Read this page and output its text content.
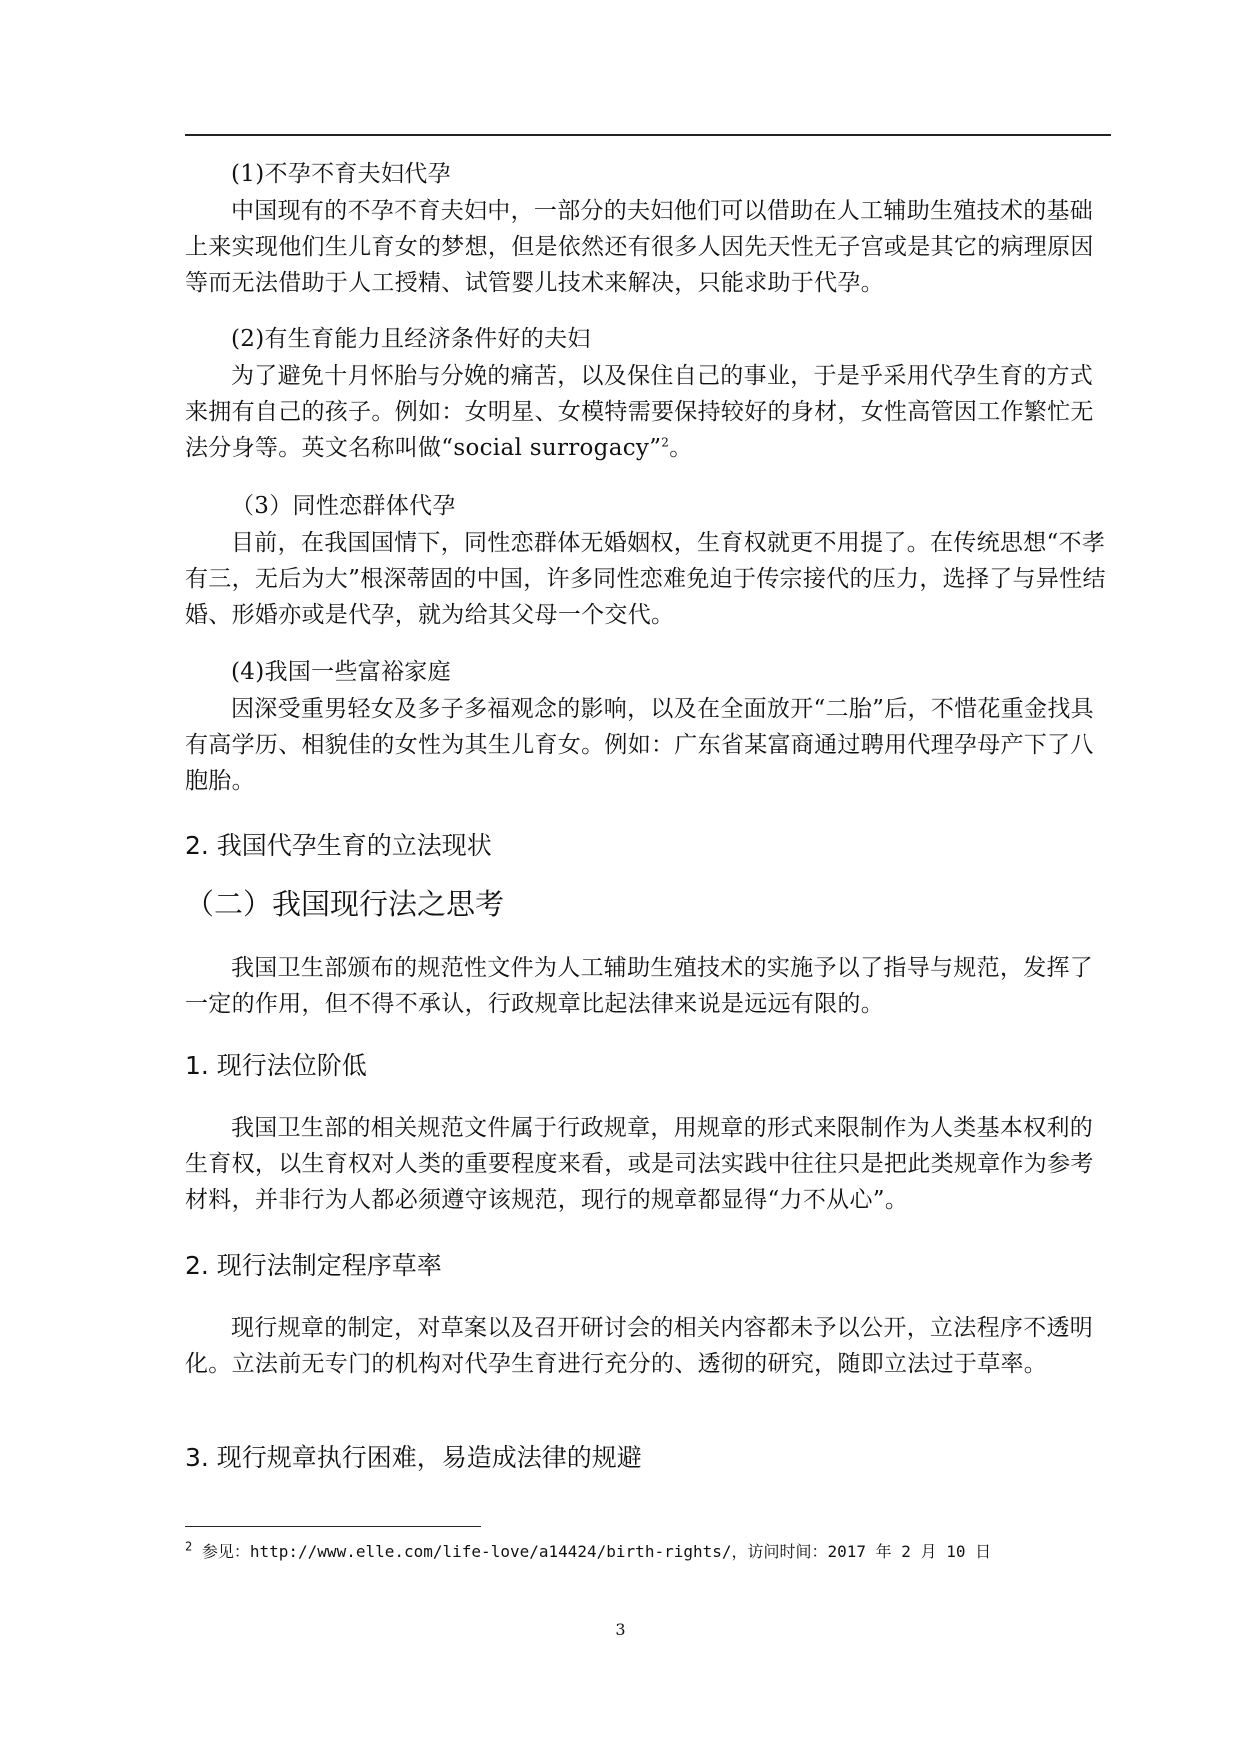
(1)不孕不育夫妇代孕
中国现有的不孕不育夫妇中，一部分的夫妇他们可以借助在人工辅助生殖技术的基础上来实现他们生儿育女的梦想，但是依然还有很多人因先天性无子宫或是其它的病理原因等而无法借助于人工授精、试管婴儿技术来解决，只能求助于代孕。
(2)有生育能力且经济条件好的夫妇
为了避免十月怀胎与分娩的痛苦，以及保住自己的事业，于是乎采用代孕生育的方式来拥有自己的孩子。例如：女明星、女模特需要保持较好的身材，女性高管因工作繁忙无法分身等。英文名称叫做“social surrogacy”$^2$。
（3）同性恋群体代孕
目前，在我国国情下，同性恋群体无婚姻权，生育权就更不用提了。在传统思想“不孝有三，无后为大”根深蒂固的中国，许多同性恋难免迫于传宗接代的压力，选择了与异性结婚、形婚亦或是代孕，就为给其父母一个交代。
(4)我国一些富裕家庭
因深受重男轻女及多子多福观念的影响，以及在全面放开“二胎”后，不惜花重金找具有高学历、相貌佳的女性为其生儿育女。例如：广东省某富商通过聘用代理孕母产下了八胞胎。
2. 我国代孕生育的立法现状
（二）我国现行法之思考
我国卫生部颁布的规范性文件为人工辅助生殖技术的实施予以了指导与规范，发挥了一定的作用，但不得不承认，行政规章比起法律来说是远远有限的。
1. 现行法位阶低
我国卫生部的相关规范文件属于行政规章，用规章的形式来限制作为人类基本权利的生育权，以生育权对人类的重要程度来看，或是司法实践中往往只是把此类规章作为参考材料，并非行为人都必须遵守该规范，现行的规章都显得“力不从心”。
2. 现行法制定程序草率
现行规章的制定，对草案以及召开研讨会的相关内容都未予以公开，立法程序不透明化。立法前无专门的机构对代孕生育进行充分的、透彻的研究，随即立法过于草率。
3. 现行规章执行困难，易造成法律的规避
$^2$ 参见：http://www.elle.com/life-love/a14424/birth-rights/，访问时间：2017 年 2 月 10 日
3
